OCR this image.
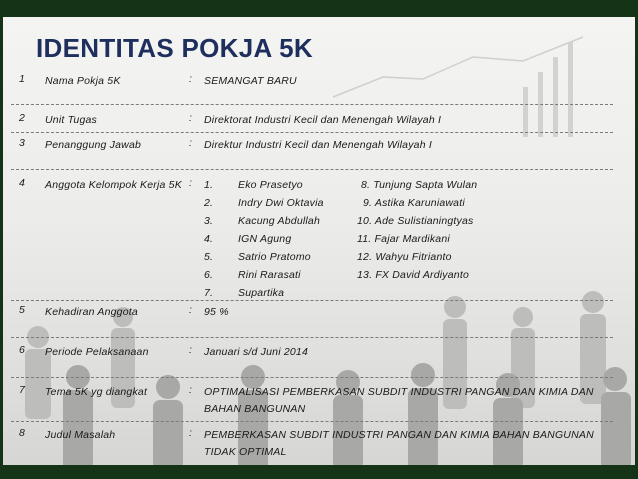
IDENTITAS POKJA 5K
1 Nama Pokja 5K	: SEMANGAT BARU
2 Unit Tugas	: Direktorat Industri Kecil dan Menengah Wilayah I
3 Penanggung Jawab	: Direktur Industri Kecil dan Menengah Wilayah I
4 Anggota Kelompok Kerja 5K : 1. Eko Prasetyo
2. Indry Dwi Oktavia
3. Kacung Abdullah
4. IGN Agung
5. Satrio Pratomo
6. Rini Rarasati
7. Supartika
8. Tunjung Sapta Wulan
9. Astika Karuniawati
10. Ade Sulistianingtyas
11. Fajar Mardikani
12. Wahyu Fitrianto
13. FX David Ardiyanto
5 Kehadiran Anggota	: 95 %
6 Periode Pelaksanaan	: Januari s/d Juni 2014
7 Tema 5K yg diangkat	: OPTIMALISASI PEMBERKASAN SUBDIT INDUSTRI PANGAN DAN KIMIA DAN BAHAN BANGUNAN
8 Judul Masalah	: PEMBERKASAN SUBDIT INDUSTRI PANGAN DAN KIMIA BAHAN BANGUNAN TIDAK OPTIMAL
